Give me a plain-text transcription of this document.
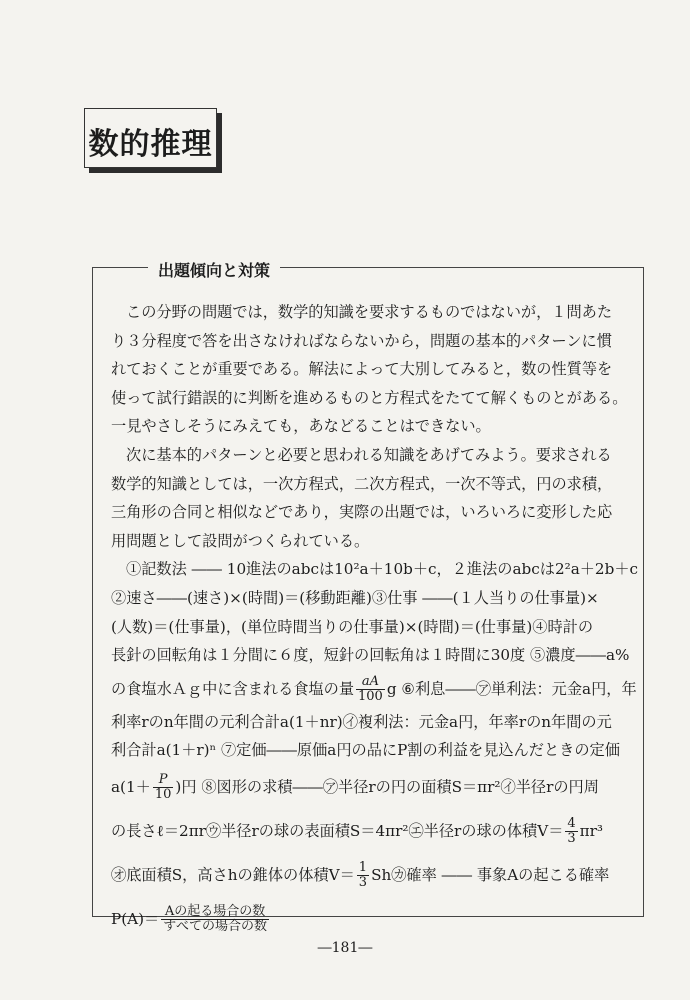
数的推理
出題傾向と対策
この分野の問題では，数学的知識を要求するものではないが，１問あた
り３分程度で答を出さなければならないから，問題の基本的パターンに慣
れておくことが重要である。解法によって大別してみると，数の性質等を
使って試行錯誤的に判断を進めるものと方程式をたてて解くものとがある。
一見やさしそうにみえても，あなどることはできない。
次に基本的パターンと必要と思われる知識をあげてみよう。要求される
数学的知識としては，一次方程式，二次方程式，一次不等式，円の求積，
三角形の合同と相似などであり，実際の出題では，いろいろに変形した応
用問題として設問がつくられている。
①記数法 ―― 10進法のabcは10²a＋10b＋c，２進法のabcは2²a＋2b＋c
②速さ――(速さ)×(時間)＝(移動距離)③仕事 ――(１人当りの仕事量)×
(人数)＝(仕事量)，(単位時間当りの仕事量)×(時間)＝(仕事量)④時計の
長針の回転角は１分間に６度，短針の回転角は１時間に30度 ⑤濃度――a%
の食塩水Ａｇ中に含まれる食塩の量 $\frac{aA}{100}$ g ⑥利息――㋐単利法：元金a円，年
利率rのn年間の元利合計a(1＋nr)㋑複利法：元金a円，年率rのn年間の元
利合計a(1＋r)ⁿ ⑦定価――原価a円の品にP割の利益を見込んだときの定価
$a(1+ \frac{P}{10}$ )円 ⑧図形の求積――㋐半径rの円の面積S＝πr²㋑半径rの円周
の長さℓ＝2πr㋒半径rの球の表面積S＝4πr²㋓半径rの球の体積$V= \frac{4}{3} \pi r^3$
㋔底面積S，高さhの錐体の体積$V= \frac{1}{3}$ Sh㋕確率 ―― 事象Aの起こる確率
$P(A)= \frac{\text{Aの起る場合の数}}{\text{すべての場合の数}}$
―181―
